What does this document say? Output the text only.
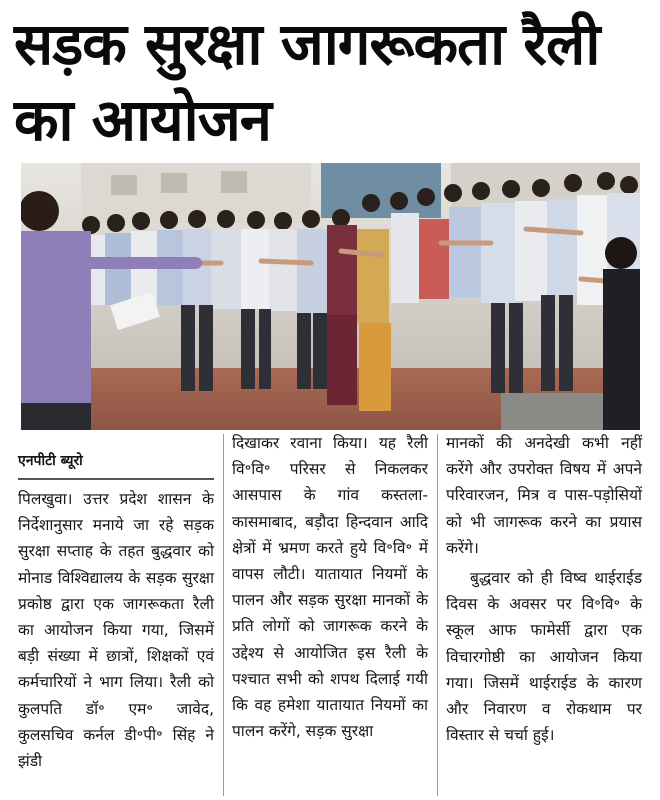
सड़क सुरक्षा जागरूकता रैली
का आयोजन
एनपीटी ब्यूरो

पिलखुवा। उत्तर प्रदेश शासन के निर्देशानुसार मनाये जा रहे सड़क सुरक्षा सप्ताह के तहत बुद्धवार को मोनाड विश्विद्यालय के सड़क सुरक्षा प्रकोष्ठ द्वारा एक जागरूकता रैली का आयोजन किया गया, जिसमें बड़ी संख्या में छात्रों, शिक्षकों एवं कर्मचारियों ने भाग लिया। रैली को कुलपति डॉ॰ एम॰ जावेद, कुलसचिव कर्नल डी॰पी॰ सिंह ने झंडी

दिखाकर रवाना किया। यह रैली वि॰वि॰ परिसर से निकलकर आसपास के गांव कस्तला-कासमाबाद, बड़ौदा हिन्दवान आदि क्षेत्रों में भ्रमण करते हुये वि॰वि॰ में वापस लौटी। यातायात नियमों के पालन और सड़क सुरक्षा मानकों के प्रति लोगों को जागरूक करने के उद्देश्य से आयोजित इस रैली के पश्चात सभी को शपथ दिलाई गयी कि वह हमेशा यातायात नियमों का पालन करेंगे, सड़क सुरक्षा

मानकों की अनदेखी कभी नहीं करेंगे और उपरोक्त विषय में अपने परिवारजन, मित्र व पास-पड़ोसियों को भी जागरूक करने का प्रयास करेंगे।

बुद्धवार को ही विष्व थाईराईड दिवस के अवसर पर वि॰वि॰ के स्कूल आफ फामेर्सी द्वारा एक विचारगोष्ठी का आयोजन किया गया। जिसमें थाईराईड के कारण और निवारण व रोकथाम पर विस्तार से चर्चा हुई।
